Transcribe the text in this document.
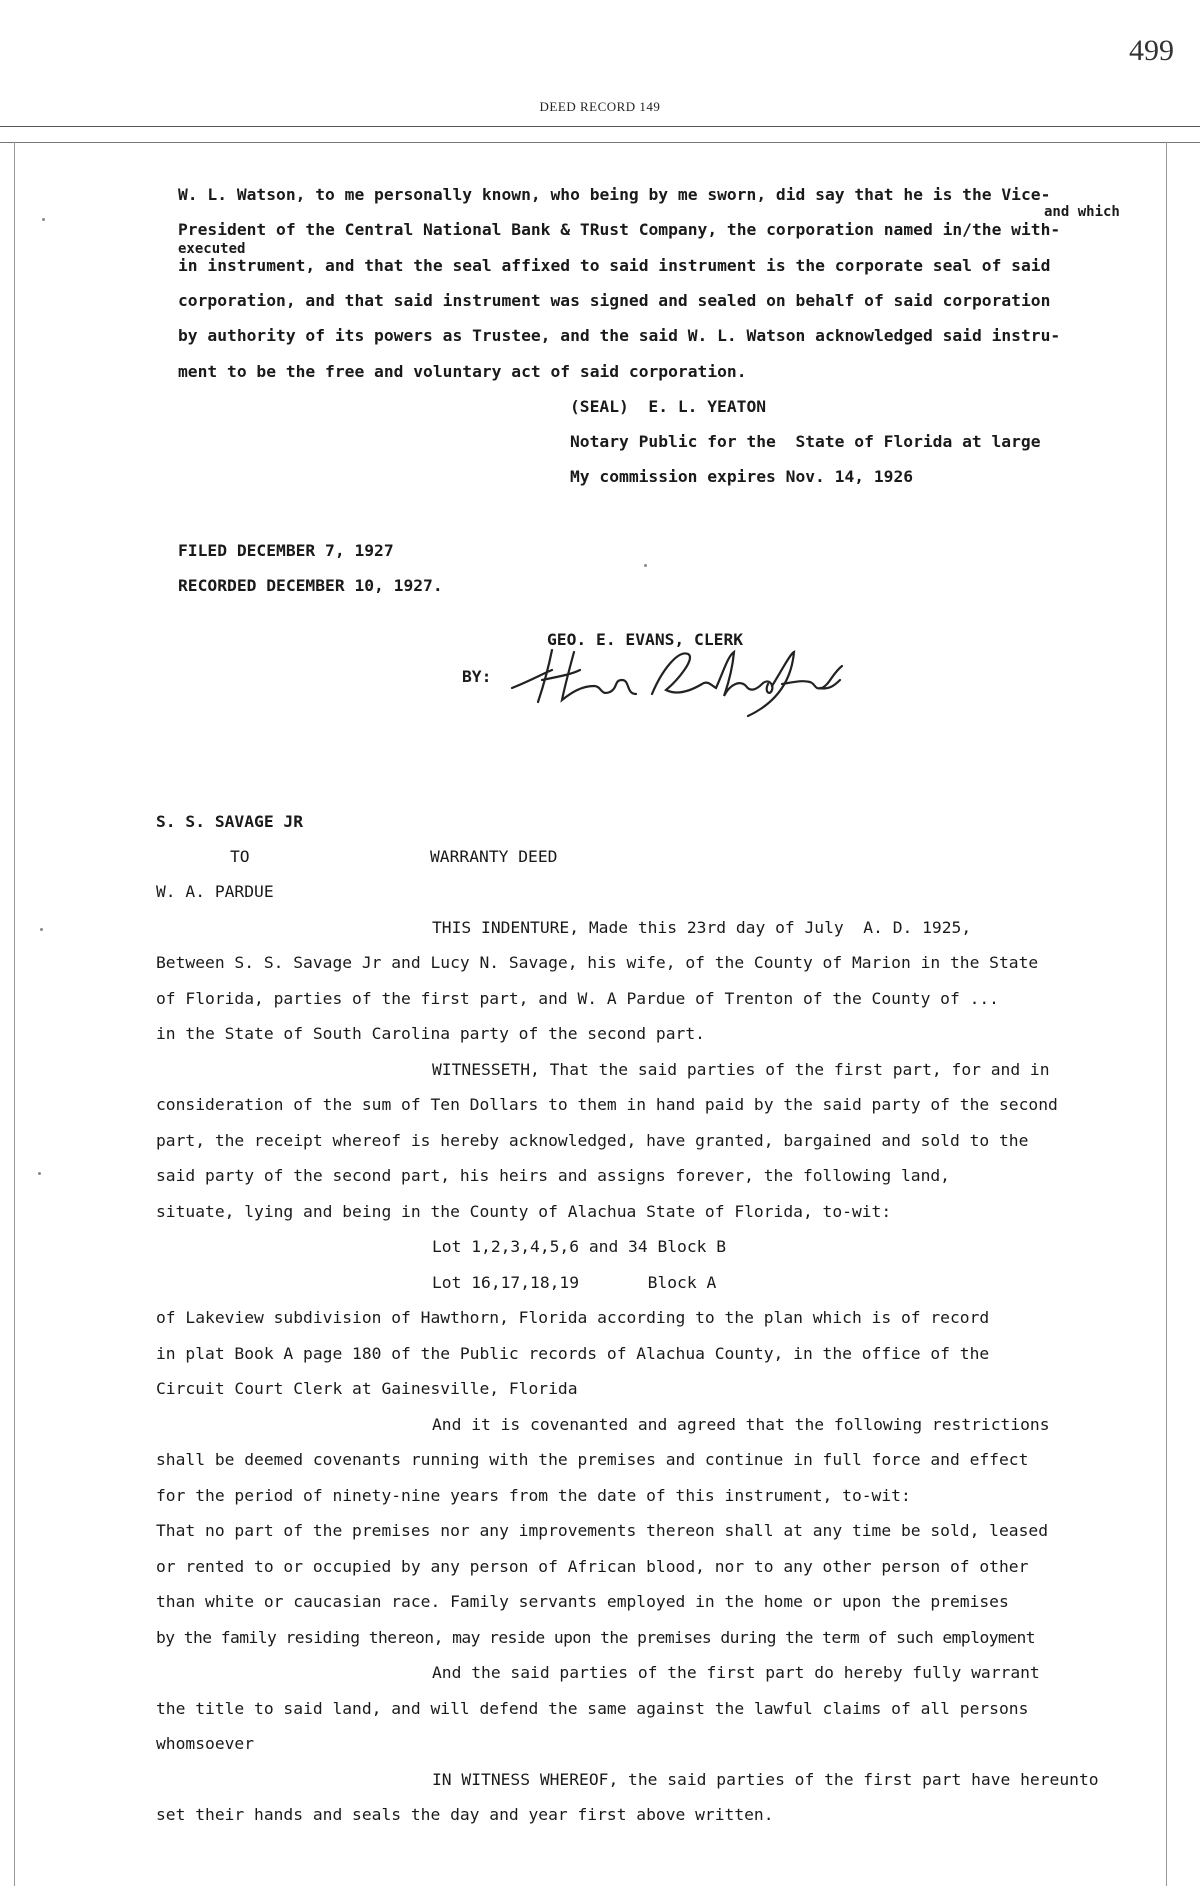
499
DEED RECORD 149
W. L. Watson, to me personally known, who being by me sworn, did say that he is the Vice-
and which
President of the Central National Bank & TRust Company, the corporation named in/the with-
executed
in instrument, and that the seal affixed to said instrument is the corporate seal of said
corporation, and that said instrument was signed and sealed on behalf of said corporation
by authority of its powers as Trustee, and the said W. L. Watson acknowledged said instru-
ment to be the free and voluntary act of said corporation.
(SEAL)  E. L. YEATON
Notary Public for the  State of Florida at large
My commission expires Nov. 14, 1926
FILED DECEMBER 7, 1927
RECORDED DECEMBER 10, 1927.
GEO. E. EVANS, CLERK
BY:
S. S. SAVAGE JR
TO	WARRANTY DEED
W. A. PARDUE
THIS INDENTURE, Made this 23rd day of July  A. D. 1925,
Between S. S. Savage Jr and Lucy N. Savage, his wife, of the County of Marion in the State
of Florida, parties of the first part, and W. A Pardue of Trenton of the County of ...
in the State of South Carolina party of the second part.
WITNESSETH, That the said parties of the first part, for and in
consideration of the sum of Ten Dollars to them in hand paid by the said party of the second
part, the receipt whereof is hereby acknowledged, have granted, bargained and sold to the
said party of the second part, his heirs and assigns forever, the following land,
situate, lying and being in the County of Alachua State of Florida, to-wit:
Lot 1,2,3,4,5,6 and 34 Block B
Lot 16,17,18,19       Block A
of Lakeview subdivision of Hawthorn, Florida according to the plan which is of record
in plat Book A page 180 of the Public records of Alachua County, in the office of the
Circuit Court Clerk at Gainesville, Florida
And it is covenanted and agreed that the following restrictions
shall be deemed covenants running with the premises and continue in full force and effect
for the period of ninety-nine years from the date of this instrument, to-wit:
That no part of the premises nor any improvements thereon shall at any time be sold, leased
or rented to or occupied by any person of African blood, nor to any other person of other
than white or caucasian race. Family servants employed in the home or upon the premises
by the family residing thereon, may reside upon the premises during the term of such employment
And the said parties of the first part do hereby fully warrant
the title to said land, and will defend the same against the lawful claims of all persons
whomsoever
IN WITNESS WHEREOF, the said parties of the first part have hereunto
set their hands and seals the day and year first above written.
